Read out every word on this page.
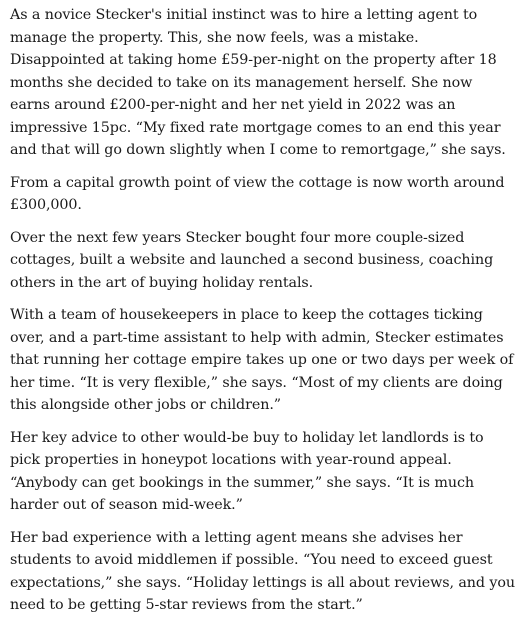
As a novice Stecker's initial instinct was to hire a letting agent to manage the property. This, she now feels, was a mistake. Disappointed at taking home £59-per-night on the property after 18 months she decided to take on its management herself. She now earns around £200-per-night and her net yield in 2022 was an impressive 15pc. “My fixed rate mortgage comes to an end this year and that will go down slightly when I come to remortgage,” she says.

From a capital growth point of view the cottage is now worth around £300,000.

Over the next few years Stecker bought four more couple-sized cottages, built a website and launched a second business, coaching others in the art of buying holiday rentals.

With a team of housekeepers in place to keep the cottages ticking over, and a part-time assistant to help with admin, Stecker estimates that running her cottage empire takes up one or two days per week of her time. “It is very flexible,” she says. “Most of my clients are doing this alongside other jobs or children.”

Her key advice to other would-be buy to holiday let landlords is to pick properties in honeypot locations with year-round appeal. “Anybody can get bookings in the summer,” she says. “It is much harder out of season mid-week.”

Her bad experience with a letting agent means she advises her students to avoid middlemen if possible. “You need to exceed guest expectations,” she says. “Holiday lettings is all about reviews, and you need to be getting 5-star reviews from the start.”
